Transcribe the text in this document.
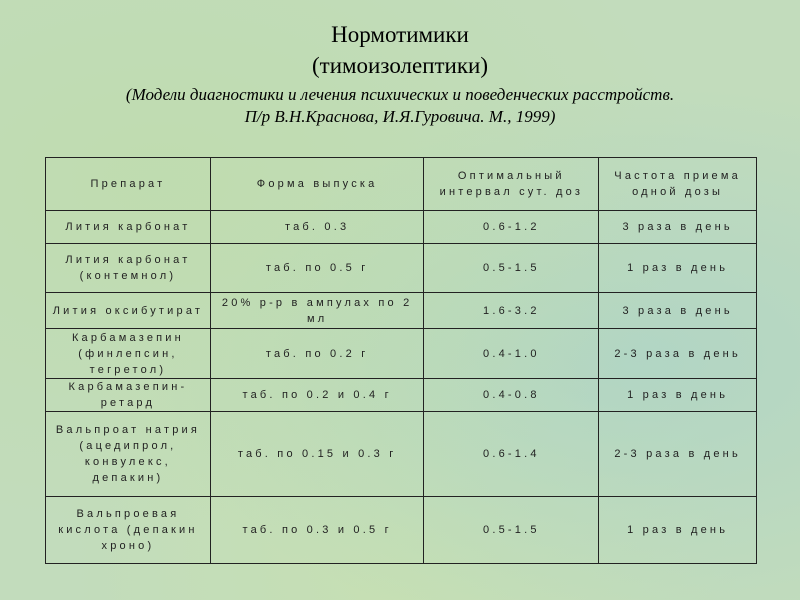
Нормотимики
(тимоизолептики)
(Модели диагностики и лечения психических и поведенческих расстройств.
П/р В.Н.Краснова, И.Я.Гуровича. М., 1999)
Препарат	Форма выпуска	Оптимальный интервал сут. доз	Частота приема одной дозы
Лития карбонат	таб. 0.3	0.6-1.2	3 раза в день
Лития карбонат (контемнол)	таб. по 0.5 г	0.5-1.5	1 раз в день
Лития оксибутират	20% р-р в ампулах по 2 мл	1.6-3.2	3 раза в день
Карбамазепин (финлепсин, тегретол)	таб. по 0.2 г	0.4-1.0	2-3 раза в день
Карбамазепин-ретард	таб. по 0.2 и 0.4 г	0.4-0.8	1 раз в день
Вальпроат натрия (ацедипрол, конвулекс, депакин)	таб. по 0.15 и 0.3 г	0.6-1.4	2-3 раза в день
Вальпроевая кислота (депакин хроно)	таб. по 0.3 и 0.5 г	0.5-1.5	1 раз в день
